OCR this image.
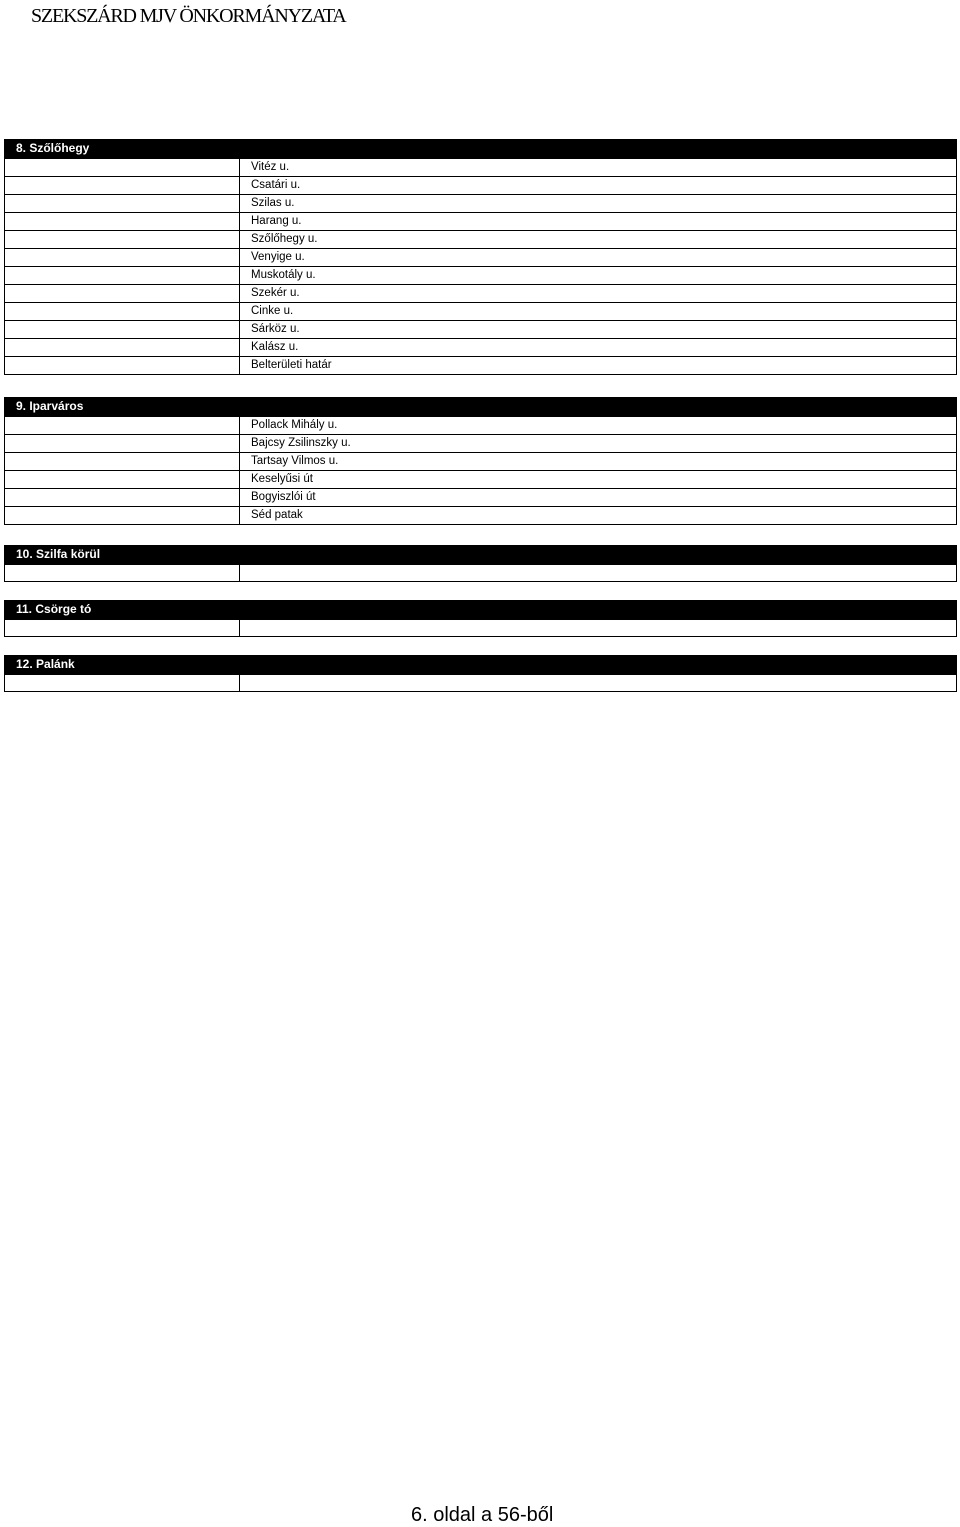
SZEKSZÁRD MJV ÖNKORMÁNYZATA
8. Szőlőhegy
	Vitéz u.
	Csatári u.
	Szilas u.
	Harang u.
	Szőlőhegy u.
	Venyige u.
	Muskotály u.
	Szekér u.
	Cinke u.
	Sárköz u.
	Kalász u.
	Belterületi határ
9. Iparváros
	Pollack Mihály u.
	Bajcsy Zsilinszky u.
	Tartsay Vilmos u.
	Keselyűsi út
	Bogyiszlói út
	Séd patak
10. Szilfa körül

11. Csörge tó

12. Palánk

6. oldal a 56-ből
